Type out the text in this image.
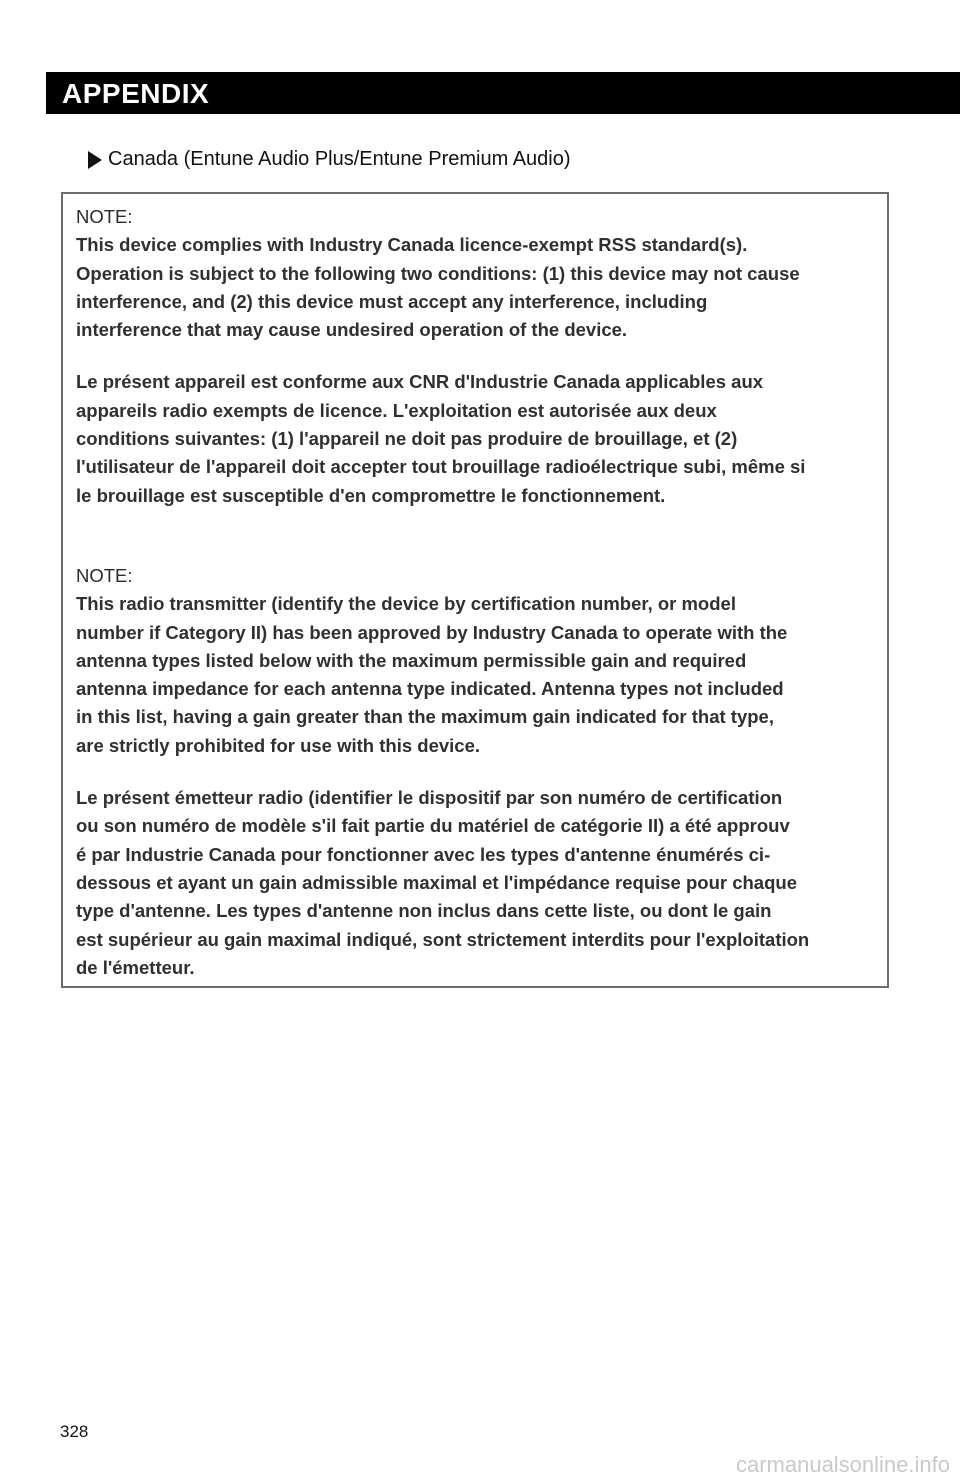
APPENDIX
Canada (Entune Audio Plus/Entune Premium Audio)
NOTE:
This device complies with Industry Canada licence-exempt RSS standard(s).
Operation is subject to the following two conditions: (1) this device may not cause
interference, and (2) this device must accept any interference, including
interference that may cause undesired operation of the device.
Le présent appareil est conforme aux CNR d'Industrie Canada applicables aux
appareils radio exempts de licence. L'exploitation est autorisée aux deux
conditions suivantes: (1) l'appareil ne doit pas produire de brouillage, et (2)
l'utilisateur de l'appareil doit accepter tout brouillage radioélectrique subi, même si
le brouillage est susceptible d'en compromettre le fonctionnement.
NOTE:
This radio transmitter (identify the device by certification number, or model
number if Category II) has been approved by Industry Canada to operate with the
antenna types listed below with the maximum permissible gain and required
antenna impedance for each antenna type indicated. Antenna types not included
in this list, having a gain greater than the maximum gain indicated for that type,
are strictly prohibited for use with this device.
Le présent émetteur radio (identifier le dispositif par son numéro de certification
ou son numéro de modèle s'il fait partie du matériel de catégorie II) a été approuv
é par Industrie Canada pour fonctionner avec les types d'antenne énumérés ci-
dessous et ayant un gain admissible maximal et l'impédance requise pour chaque
type d'antenne. Les types d'antenne non inclus dans cette liste, ou dont le gain
est supérieur au gain maximal indiqué, sont strictement interdits pour l'exploitation
de l'émetteur.
328
carmanualsonline.info
